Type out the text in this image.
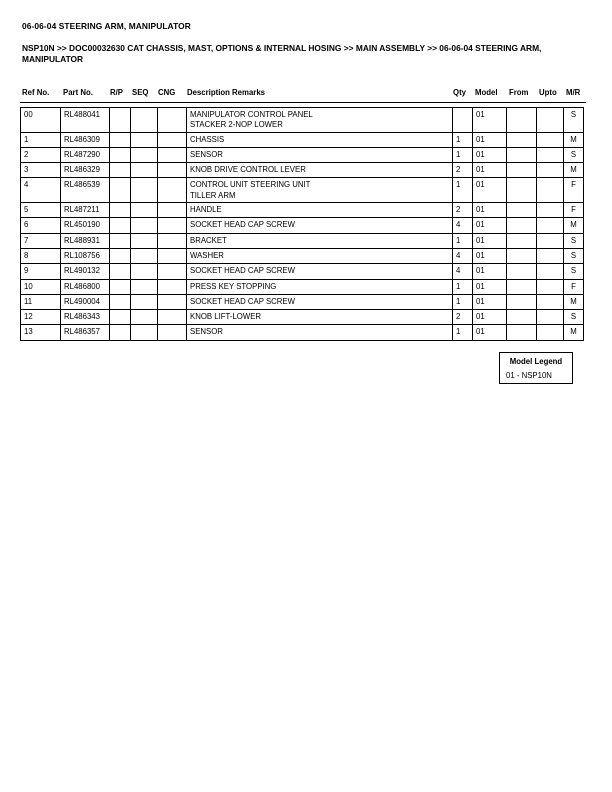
06-06-04 STEERING ARM, MANIPULATOR
NSP10N >> DOC00032630 CAT CHASSIS, MAST, OPTIONS & INTERNAL HOSING >> MAIN ASSEMBLY >> 06-06-04 STEERING ARM, MANIPULATOR
Ref No. Part No. R/P SEQ CNG Description Remarks	Qty Model From Upto M/R
00	RL488041				MANIPULATOR CONTROL PANEL
STACKER 2-NOP LOWER		01			S
1	RL486309				CHASSIS	1	01			M
2	RL487290				SENSOR	1	01			S
3	RL486329				KNOB DRIVE CONTROL LEVER	2	01			M
4	RL486539				CONTROL UNIT STEERING UNIT
TILLER ARM	1	01			F
5	RL487211				HANDLE	2	01			F
6	RL450190				SOCKET HEAD CAP SCREW	4	01			M
7	RL488931				BRACKET	1	01			S
8	RL108756				WASHER	4	01			S
9	RL490132				SOCKET HEAD CAP SCREW	4	01			S
10	RL486800				PRESS KEY STOPPING	1	01			F
11	RL490004				SOCKET HEAD CAP SCREW	1	01			M
12	RL486343				KNOB LIFT-LOWER	2	01			S
13	RL486357				SENSOR	1	01			M
Model Legend
01 - NSP10N
